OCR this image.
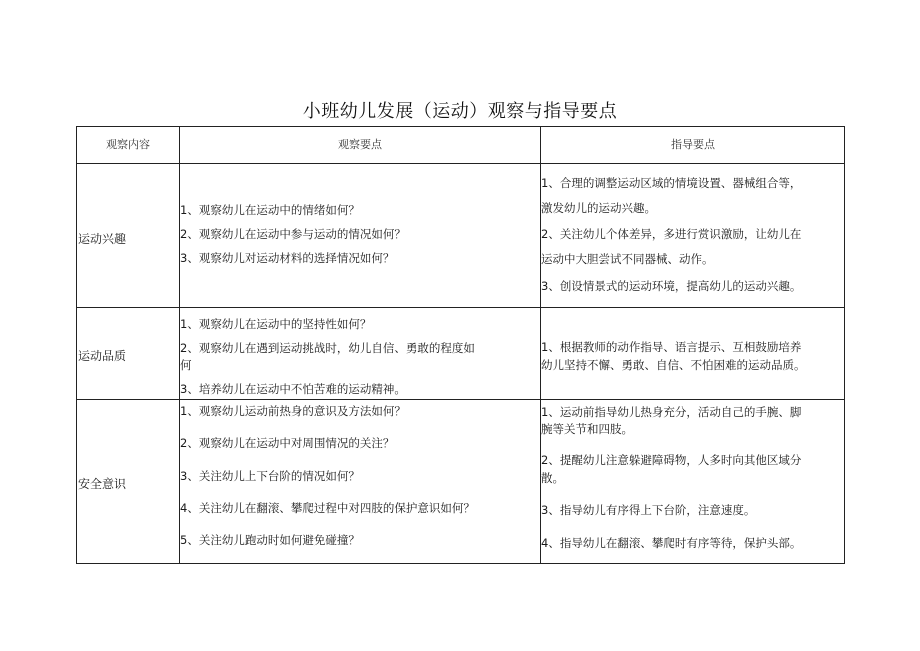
小班幼儿发展（运动）观察与指导要点
观察内容	观察要点	指导要点
运动兴趣
1、观察幼儿在运动中的情绪如何？
2、观察幼儿在运动中参与运动的情况如何？
3、观察幼儿对运动材料的选择情况如何？
1、合理的调整运动区域的情境设置、器械组合等，
激发幼儿的运动兴趣。
2、关注幼儿个体差异，多进行赏识激励，让幼儿在
运动中大胆尝试不同器械、动作。
3、创设情景式的运动环境，提高幼儿的运动兴趣。
运动品质
1、观察幼儿在运动中的坚持性如何？
2、观察幼儿在遇到运动挑战时，幼儿自信、勇敢的程度如
何
3、培养幼儿在运动中不怕苦难的运动精神。
1、根据教师的动作指导、语言提示、互相鼓励培养
幼儿坚持不懈、勇敢、自信、不怕困难的运动品质。
安全意识
1、观察幼儿运动前热身的意识及方法如何？
2、观察幼儿在运动中对周围情况的关注？
3、关注幼儿上下台阶的情况如何？
4、关注幼儿在翻滚、攀爬过程中对四肢的保护意识如何？
5、关注幼儿跑动时如何避免碰撞？
1、运动前指导幼儿热身充分，活动自己的手腕、脚
腕等关节和四肢。
2、提醒幼儿注意躲避障碍物，人多时向其他区域分
散。
3、指导幼儿有序得上下台阶，注意速度。
4、指导幼儿在翻滚、攀爬时有序等待，保护头部。
